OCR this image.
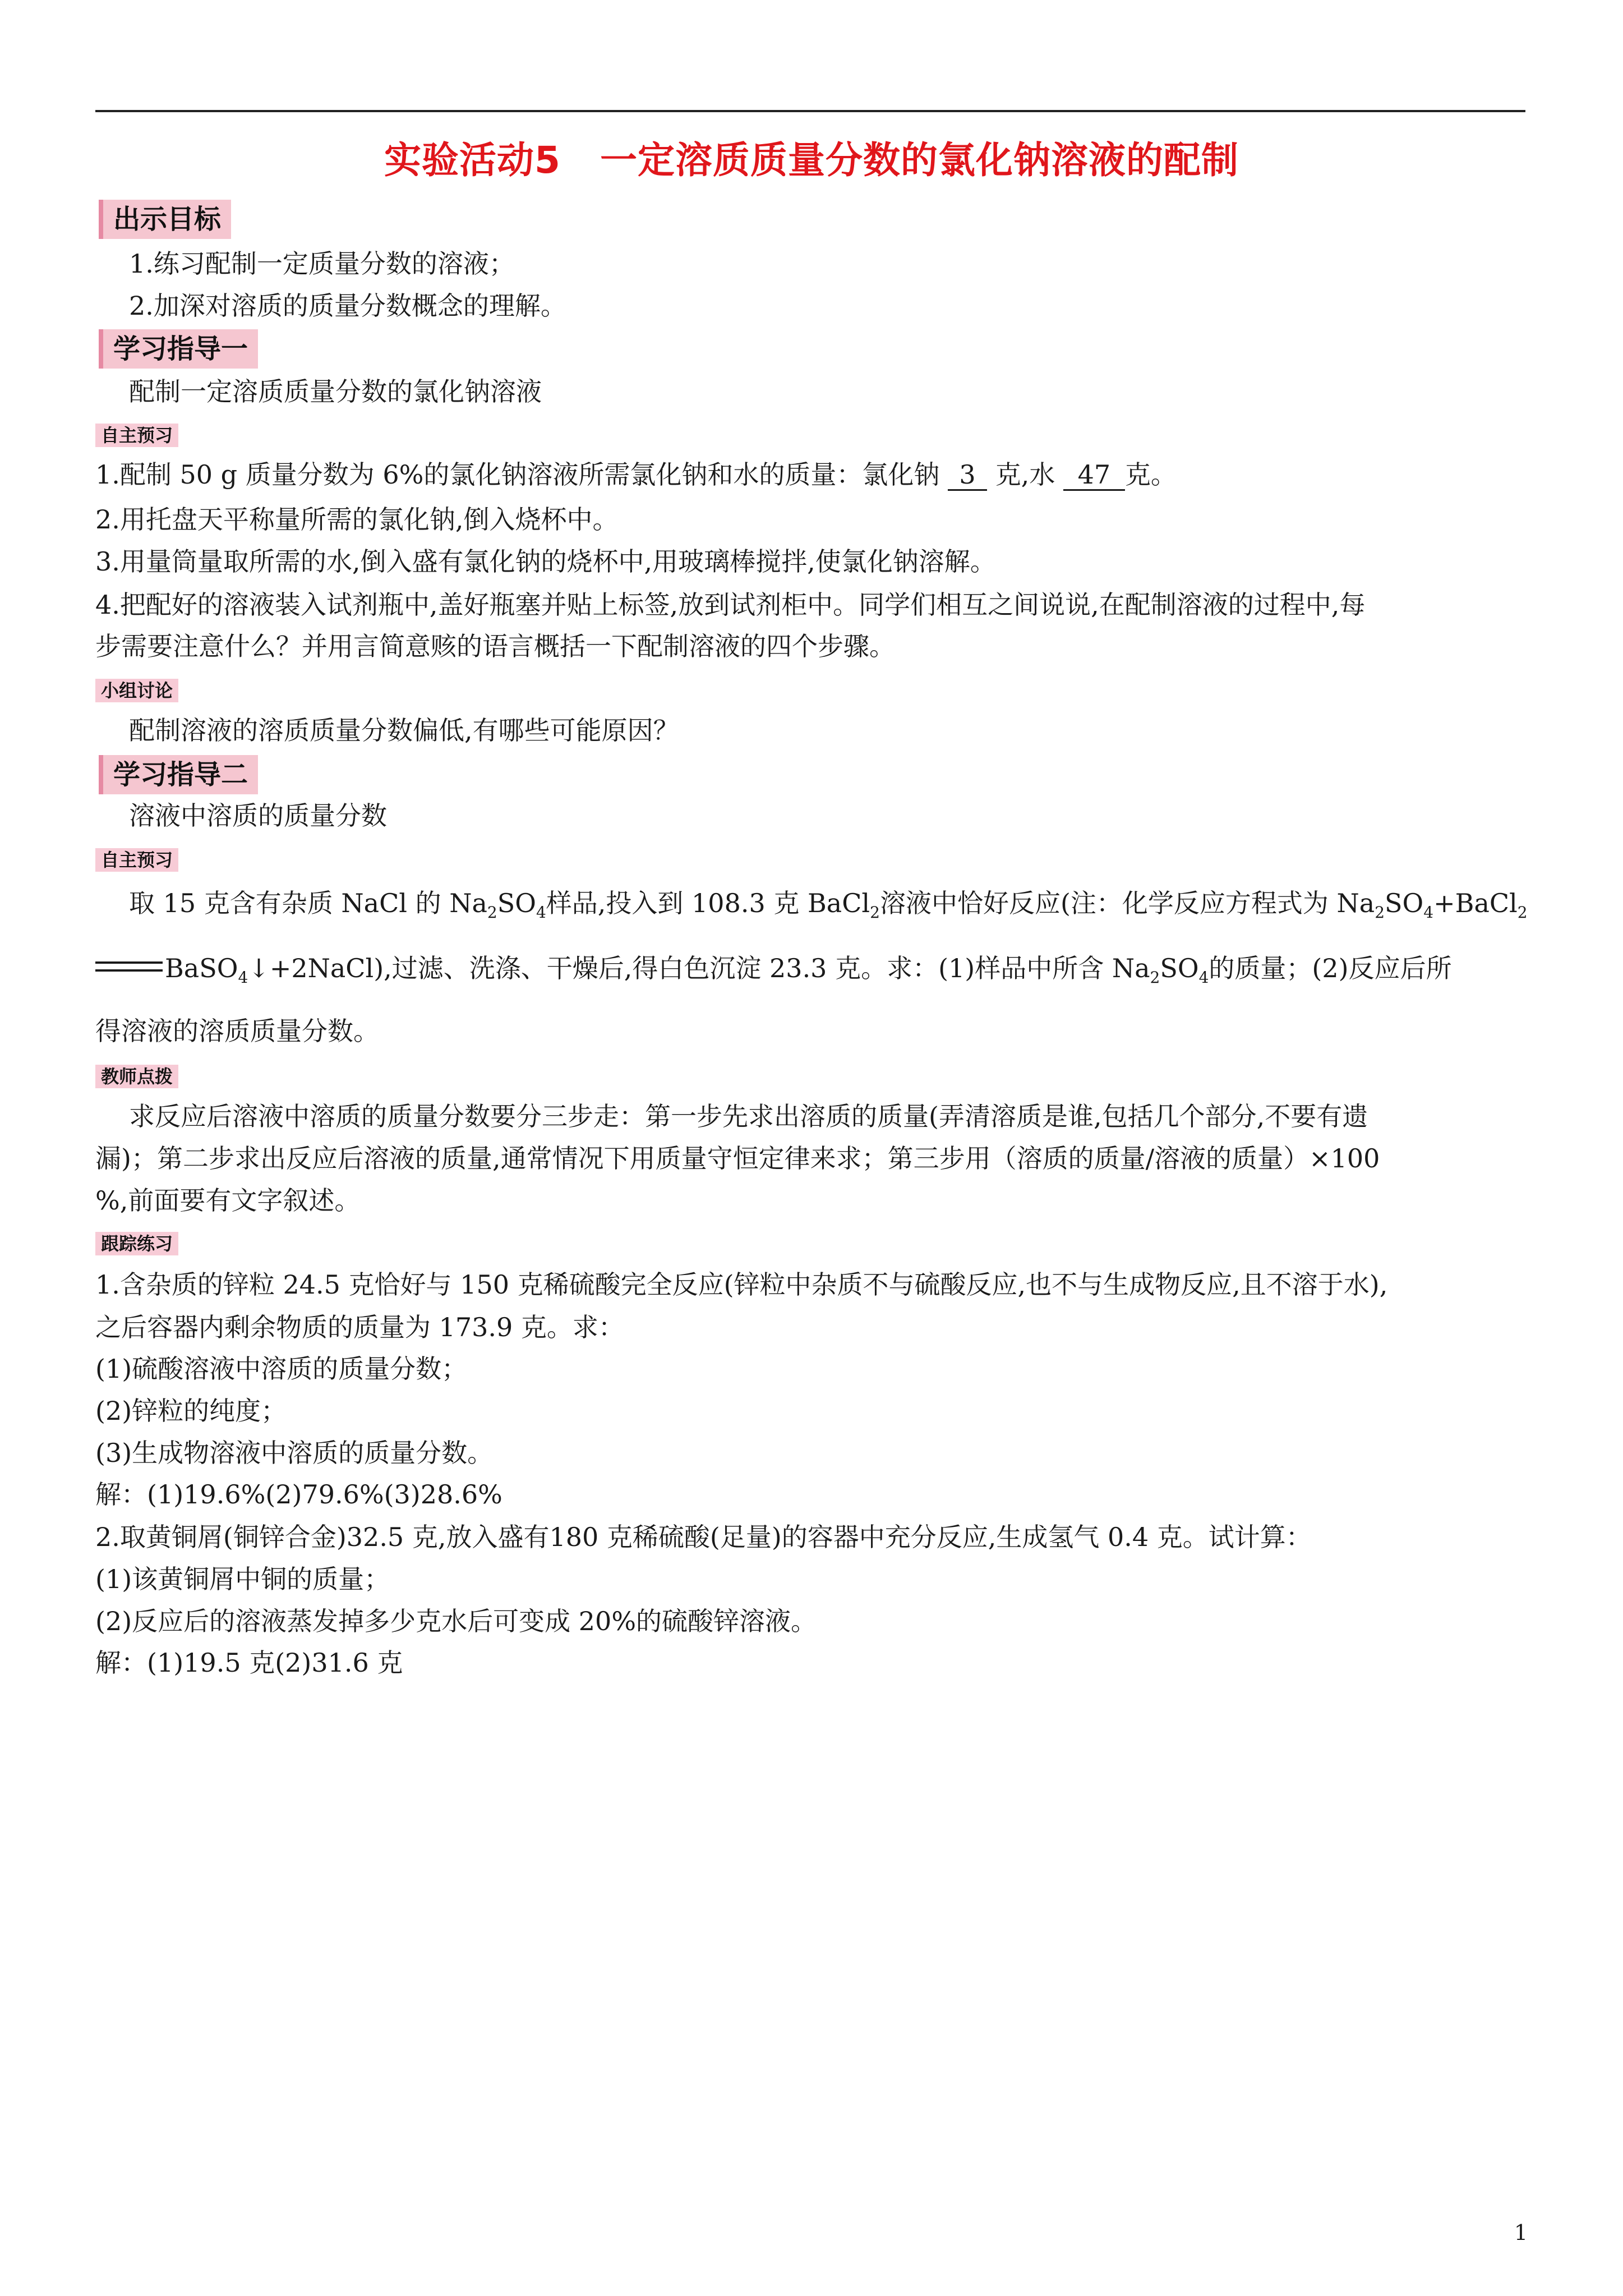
实验活动5 一定溶质质量分数的氯化钠溶液的配制
出示目标
1.练习配制一定质量分数的溶液；
2.加深对溶质的质量分数概念的理解。
学习指导一
配制一定溶质质量分数的氯化钠溶液
自主预习
1.配制 50 g 质量分数为 6%的氯化钠溶液所需氯化钠和水的质量：氯化钠 3 克,水 47 克。
2.用托盘天平称量所需的氯化钠,倒入烧杯中。
3.用量筒量取所需的水,倒入盛有氯化钠的烧杯中,用玻璃棒搅拌,使氯化钠溶解。
4.把配好的溶液装入试剂瓶中,盖好瓶塞并贴上标签,放到试剂柜中。同学们相互之间说说,在配制溶液的过程中,每
步需要注意什么？并用言简意赅的语言概括一下配制溶液的四个步骤。
小组讨论
配制溶液的溶质质量分数偏低,有哪些可能原因？
学习指导二
溶液中溶质的质量分数
自主预习
取 15 克含有杂质 NaCl 的 $Na_2SO_4$样品,投入到 108.3 克 BaCl$_2$溶液中恰好反应(注：化学反应方程式为 $Na_2SO_4+BaCl_2$
BaSO$_4$↓+2NaCl),过滤、洗涤、干燥后,得白色沉淀 23.3 克。求：(1)样品中所含 $Na_2SO_4$的质量；(2)反应后所
得溶液的溶质质量分数。
教师点拨
求反应后溶液中溶质的质量分数要分三步走：第一步先求出溶质的质量(弄清溶质是谁,包括几个部分,不要有遗
漏)；第二步求出反应后溶液的质量,通常情况下用质量守恒定律来求；第三步用（溶质的质量/溶液的质量）×100
%,前面要有文字叙述。
跟踪练习
1.含杂质的锌粒 24.5 克恰好与 150 克稀硫酸完全反应(锌粒中杂质不与硫酸反应,也不与生成物反应,且不溶于水),
之后容器内剩余物质的质量为 173.9 克。求：
(1)硫酸溶液中溶质的质量分数；
(2)锌粒的纯度；
(3)生成物溶液中溶质的质量分数。
解：(1)19.6%(2)79.6%(3)28.6%
2.取黄铜屑(铜锌合金)32.5 克,放入盛有180 克稀硫酸(足量)的容器中充分反应,生成氢气 0.4 克。试计算：
(1)该黄铜屑中铜的质量；
(2)反应后的溶液蒸发掉多少克水后可变成 20%的硫酸锌溶液。
解：(1)19.5 克(2)31.6 克
1
